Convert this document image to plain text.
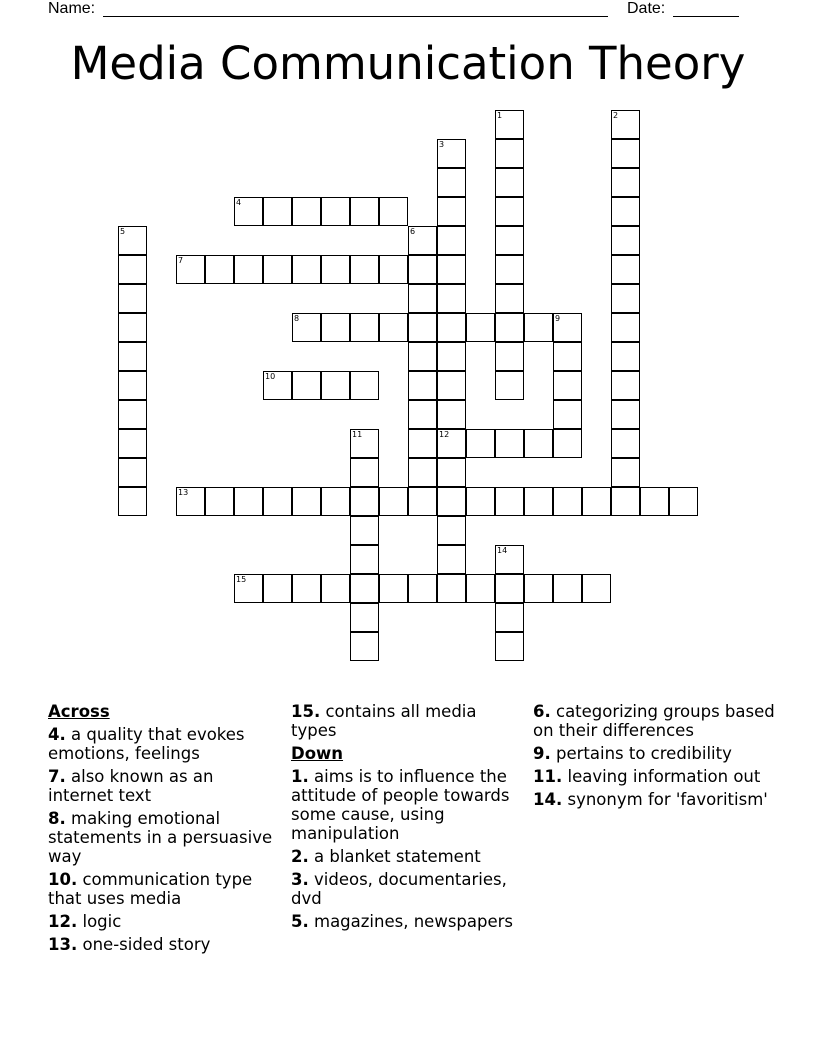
Name:	Date:
Media Communication Theory
1	2
3
12
4
5	6
7
8	9
10
11
13
14
15
Across
4. a quality that evokes emotions, feelings
7. also known as an internet text
8. making emotional statements in a persuasive way
10. communication type that uses media
12. logic
13. one-sided story
15. contains all media types
Down
1. aims is to influence the attitude of people towards some cause, using manipulation
2. a blanket statement
3. videos, documentaries, dvd
5. magazines, newspapers
6. categorizing groups based on their differences
9. pertains to credibility
11. leaving information out
14. synonym for 'favoritism'
